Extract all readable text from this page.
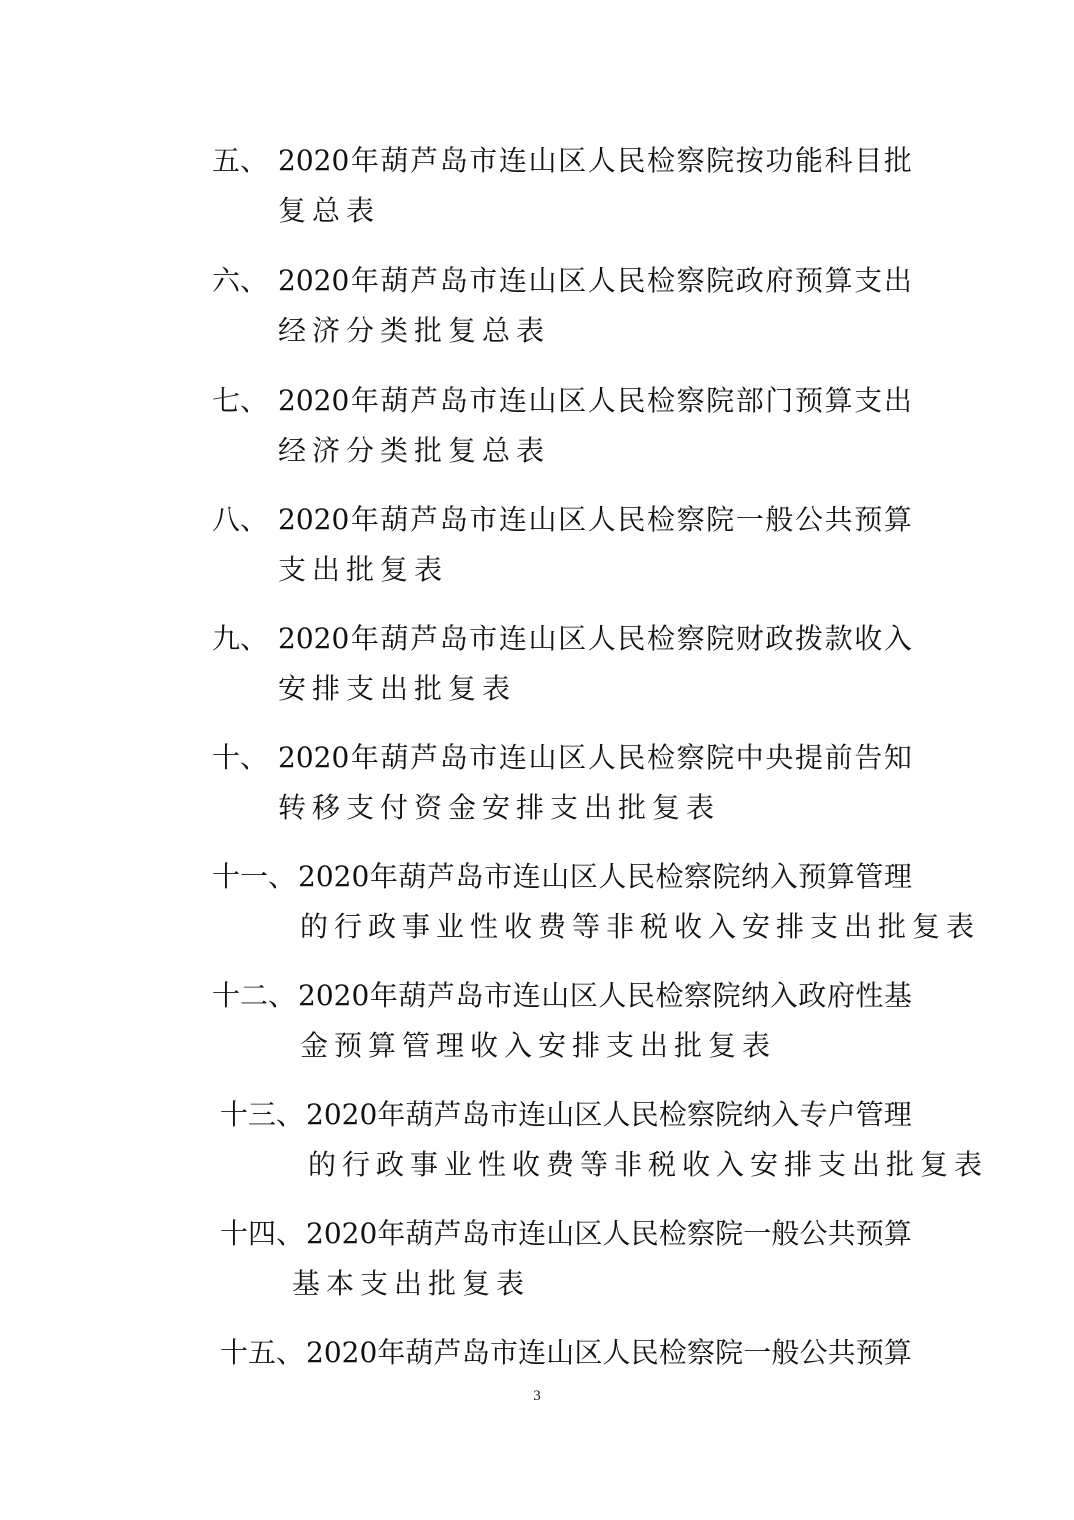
五、 2020 年 葫 芦 岛 市 连 山 区 人 民 检 察 院 按 功 能 科 目 批
复总表
六、 2020 年 葫 芦 岛 市 连 山 区 人 民 检 察 院 政 府 预 算 支 出
经济分类批复总表
七、 2020 年 葫 芦 岛 市 连 山 区 人 民 检 察 院 部 门 预 算 支 出
经济分类批复总表
八、 2020 年 葫 芦 岛 市 连 山 区 人 民 检 察 院 一 般 公 共 预 算
支出批复表
九、 2020 年 葫 芦 岛 市 连 山 区 人 民 检 察 院 财 政 拨 款 收 入
安排支出批复表
十、 2020 年 葫 芦 岛 市 连 山 区 人 民 检 察 院 中 央 提 前 告 知
转移支付资金安排支出批复表
十一、 2020 年 葫 芦 岛 市 连 山 区 人 民 检 察 院 纳 入 预 算 管 理
的行政事业性收费等非税收入安排支出批复表
十二、 2020 年 葫 芦 岛 市 连 山 区 人 民 检 察 院 纳 入 政 府 性 基
金预算管理收入安排支出批复表
十三、 2020 年 葫 芦 岛 市 连 山 区 人 民 检 察 院 纳 入 专 户 管 理
的行政事业性收费等非税收入安排支出批复表
十四、 2020 年 葫 芦 岛 市 连 山 区 人 民 检 察 院 一 般 公 共 预 算
基本支出批复表
十五、 2020 年 葫 芦 岛 市 连 山 区 人 民 检 察 院 一 般 公 共 预 算
3
